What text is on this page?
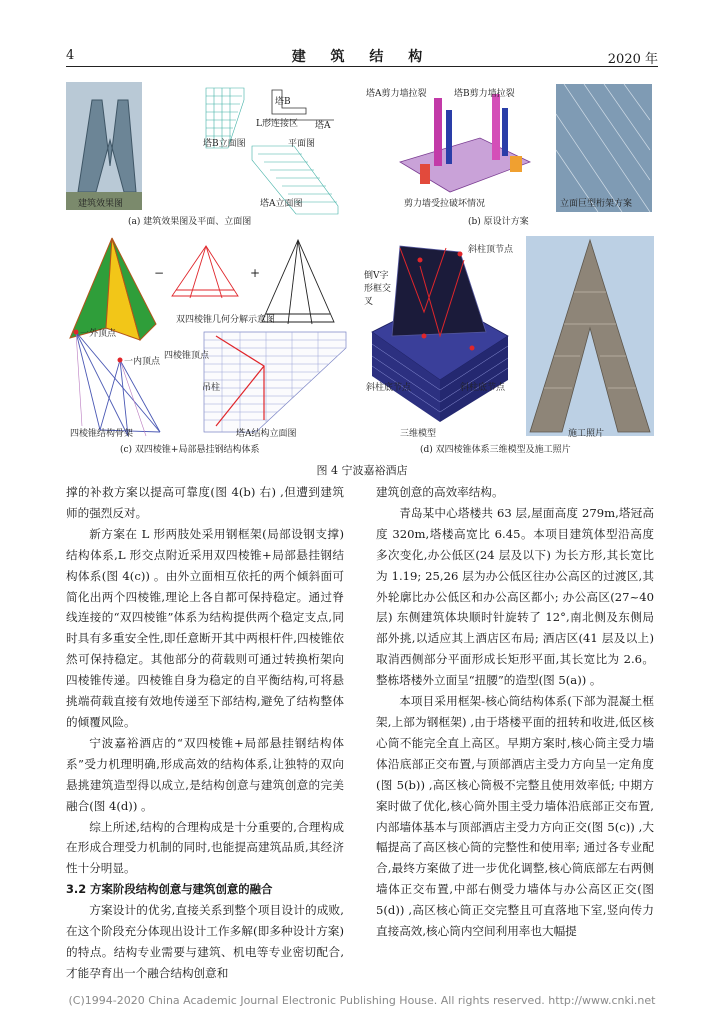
4	建 筑 结 构	2020 年
建筑效果图
塔B立面图
L形连接区
塔B
塔A
平面图
塔A立面图
(a) 建筑效果图及平面、立面图
塔A剪力墙拉裂	塔B剪力墙拉裂
剪力墙受拉破坏情况	立面巨型桁架方案
(b) 原设计方案
−	+
双四棱锥几何分解示意图
一外顶点
一内顶点
四棱锥顶点
吊柱
四棱锥结构骨架	塔A结构立面图
(c) 双四棱锥+局部悬挂钢结构体系
倒V字形框交叉
斜柱顶节点
斜柱底节点	斜柱底节点
三维模型	施工照片
(d) 双四棱锥体系三维模型及施工照片
图 4 宁波嘉裕酒店

撑的补救方案以提高可靠度(图 4(b) 右) ,但遭到建筑师的强烈反对。

新方案在 L 形两肢处采用钢框架(局部设钢支撑) 结构体系,L 形交点附近采用双四棱锥+局部悬挂钢结构体系(图 4(c)) 。由外立面相互依托的两个倾斜面可简化出两个四棱锥,理论上各自都可保持稳定。通过脊线连接的“双四棱锥”体系为结构提供两个稳定支点,同时具有多重安全性,即任意断开其中两根杆件,四棱锥依然可保持稳定。其他部分的荷载则可通过转换桁架向四棱锥传递。四棱锥自身为稳定的自平衡结构,可将悬挑端荷载直接有效地传递至下部结构,避免了结构整体的倾覆风险。

宁波嘉裕酒店的“双四棱锥+局部悬挂钢结构体系”受力机理明确,形成高效的结构体系,让独特的双向悬挑建筑造型得以成立,是结构创意与建筑创意的完美融合(图 4(d)) 。

综上所述,结构的合理构成是十分重要的,合理构成在形成合理受力机制的同时,也能提高建筑品质,其经济性十分明显。

3.2 方案阶段结构创意与建筑创意的融合

方案设计的优劣,直接关系到整个项目设计的成败,在这个阶段充分体现出设计工作多解(即多种设计方案) 的特点。结构专业需要与建筑、机电等专业密切配合,才能孕育出一个融合结构创意和

建筑创意的高效率结构。

青岛某中心塔楼共 63 层,屋面高度 279m,塔冠高度 320m,塔楼高宽比 6.45。本项目建筑体型沿高度多次变化,办公低区(24 层及以下) 为长方形,其长宽比为 1.19; 25,26 层为办公低区往办公高区的过渡区,其外轮廓比办公低区和办公高区都小; 办公高区(27~40 层) 东侧建筑体块顺时针旋转了 12°,南北侧及东侧局部外挑,以适应其上酒店区布局; 酒店区(41 层及以上) 取消西侧部分平面形成长矩形平面,其长宽比为 2.6。整栋塔楼外立面呈“扭腰”的造型(图 5(a)) 。

本项目采用框架-核心筒结构体系(下部为混凝土框架,上部为钢框架) ,由于塔楼平面的扭转和收进,低区核心筒不能完全直上高区。早期方案时,核心筒主受力墙体沿底部正交布置,与顶部酒店主受力方向呈一定角度(图 5(b)) ,高区核心筒极不完整且使用效率低; 中期方案时做了优化,核心筒外围主受力墙体沿底部正交布置,内部墙体基本与顶部酒店主受力方向正交(图 5(c)) ,大幅提高了高区核心筒的完整性和使用率; 通过各专业配合,最终方案做了进一步优化调整,核心筒底部左右两侧墙体正交布置,中部右侧受力墙体与办公高区正交(图 5(d)) ,高区核心筒正交完整且可直落地下室,竖向传力直接高效,核心筒内空间利用率也大幅提

(C)1994-2020 China Academic Journal Electronic Publishing House. All rights reserved. http://www.cnki.net
